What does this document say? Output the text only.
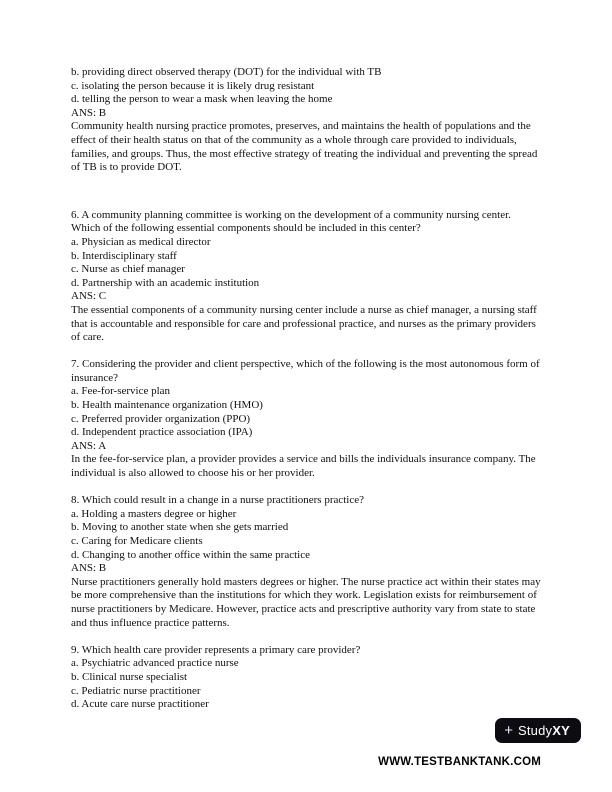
b. providing direct observed therapy (DOT) for the individual with TB

c. isolating the person because it is likely drug resistant

d. telling the person to wear a mask when leaving the home

ANS: B

Community health nursing practice promotes, preserves, and maintains the health of populations and the effect of their health status on that of the community as a whole through care provided to individuals, families, and groups. Thus, the most effective strategy of treating the individual and preventing the spread of TB is to provide DOT.

6. A community planning committee is working on the development of a community nursing center. Which of the following essential components should be included in this center?

a. Physician as medical director

b. Interdisciplinary staff

c. Nurse as chief manager

d. Partnership with an academic institution

ANS: C

The essential components of a community nursing center include a nurse as chief manager, a nursing staff that is accountable and responsible for care and professional practice, and nurses as the primary providers of care.

7. Considering the provider and client perspective, which of the following is the most autonomous form of insurance?

a. Fee-for-service plan

b. Health maintenance organization (HMO)

c. Preferred provider organization (PPO)

d. Independent practice association (IPA)

ANS: A

In the fee-for-service plan, a provider provides a service and bills the individuals insurance company. The individual is also allowed to choose his or her provider.

8. Which could result in a change in a nurse practitioners practice?

a. Holding a masters degree or higher

b. Moving to another state when she gets married

c. Caring for Medicare clients

d. Changing to another office within the same practice

ANS: B

Nurse practitioners generally hold masters degrees or higher. The nurse practice act within their states may be more comprehensive than the institutions for which they work. Legislation exists for reimbursement of nurse practitioners by Medicare. However, practice acts and prescriptive authority vary from state to state and thus influence practice patterns.

9. Which health care provider represents a primary care provider?

a. Psychiatric advanced practice nurse

b. Clinical nurse specialist

c. Pediatric nurse practitioner

d. Acute care nurse practitioner

+
Study XY
WWW.TESTBANKTANK.COM
